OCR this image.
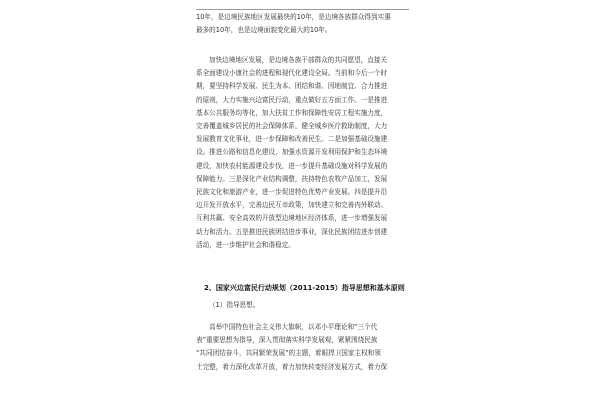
10年，是边境民族地区发展最快的10年，是边境各族群众得到实惠
最多的10年，也是边境面貌变化最大的10年。
加快边境地区发展，是边境各族干部群众的共同愿望，直接关
系全面建设小康社会的进程和现代化建设全局。当前和今后一个时
期，要坚持科学发展、民生为本、团结和谐、因地制宜、合力推进
的原则，大力实施兴边富民行动，重点做好五方面工作。一是推进
基本公共服务均等化，加大扶贫工作和保障性安居工程实施力度，
完善覆盖城乡居民的社会保障体系，健全城乡医疗救助制度，大力
发展教育文化事业，进一步保障和改善民生。二是加强基础设施建
设。推进公路和信息化建设，加强水资源开发利用保护和生态环境
建设，加快农村能源建设步伐，进一步提升基础设施对科学发展的
保障能力。三是深化产业结构调整，扶持特色农牧产品加工，发展
民族文化和旅游产业，进一步促进特色优势产业发展。四是提升沿
边开发开放水平，完善边民互市政策，加快建立和完善内外联动、
互利共赢、安全高效的开放型边境地区经济体系，进一步增强发展
动力和活力。五是推进民族团结进步事业，深化民族团结进步创建
活动，进一步维护社会和谐稳定。
2、国家兴边富民行动规划（2011-2015）指导思想和基本原则
（1）指导思想。
高举中国特色社会主义伟大旗帜，以邓小平理论和“三个代
表”重要思想为指导，深入贯彻落实科学发展观，紧紧围绕民族
“共同团结奋斗，共同繁荣发展”的主题，着眼捍卫国家主权和领
土完整，着力深化改革开放，着力加快转变经济发展方式，着力保
